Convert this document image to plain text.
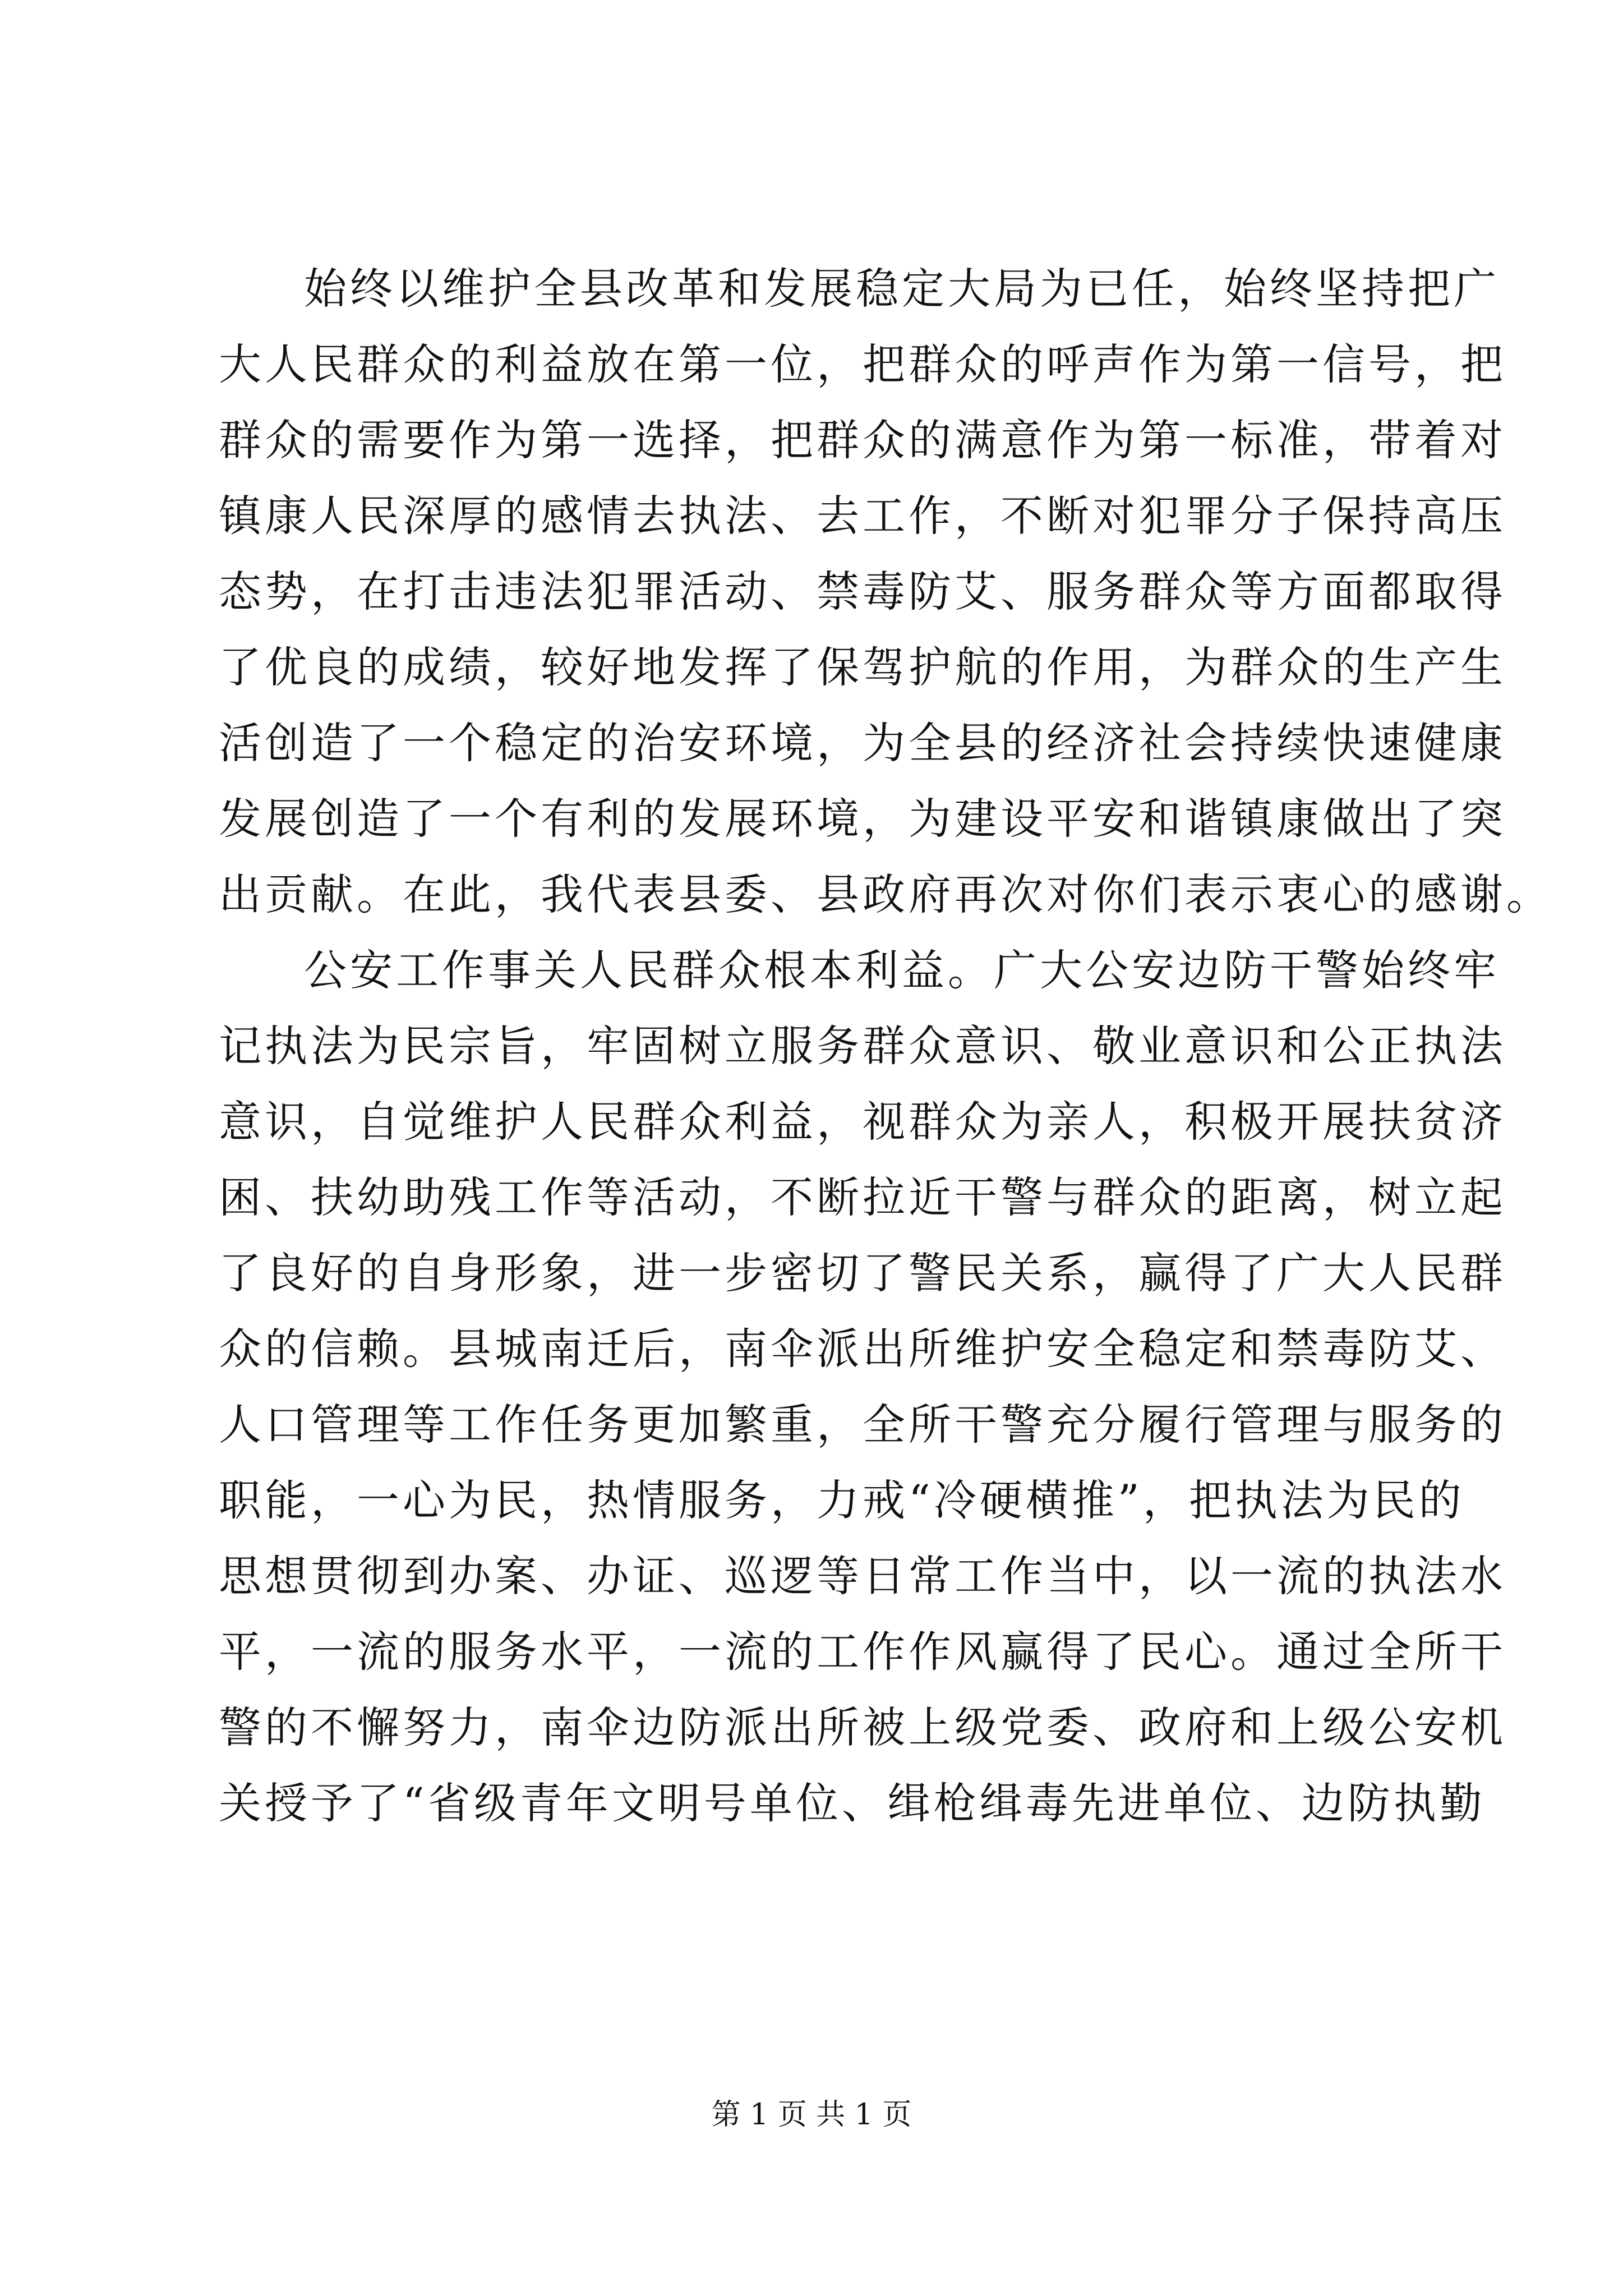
始终以维护全县改革和发展稳定大局为已任，始终坚持把广
大人民群众的利益放在第一位，把群众的呼声作为第一信号，把
群众的需要作为第一选择，把群众的满意作为第一标准，带着对
镇康人民深厚的感情去执法、去工作，不断对犯罪分子保持高压
态势，在打击违法犯罪活动、禁毒防艾、服务群众等方面都取得
了优良的成绩，较好地发挥了保驾护航的作用，为群众的生产生
活创造了一个稳定的治安环境，为全县的经济社会持续快速健康
发展创造了一个有利的发展环境，为建设平安和谐镇康做出了突
出贡献。在此，我代表县委、县政府再次对你们表示衷心的感谢。
公安工作事关人民群众根本利益。广大公安边防干警始终牢
记执法为民宗旨，牢固树立服务群众意识、敬业意识和公正执法
意识，自觉维护人民群众利益，视群众为亲人，积极开展扶贫济
困、扶幼助残工作等活动，不断拉近干警与群众的距离，树立起
了良好的自身形象，进一步密切了警民关系，赢得了广大人民群
众的信赖。县城南迁后，南伞派出所维护安全稳定和禁毒防艾、
人口管理等工作任务更加繁重，全所干警充分履行管理与服务的
职能，一心为民，热情服务，力戒“冷硬横推”，把执法为民的
思想贯彻到办案、办证、巡逻等日常工作当中，以一流的执法水
平，一流的服务水平，一流的工作作风赢得了民心。通过全所干
警的不懈努力，南伞边防派出所被上级党委、政府和上级公安机
关授予了“省级青年文明号单位、缉枪缉毒先进单位、边防执勤
第 1 页 共 1 页
